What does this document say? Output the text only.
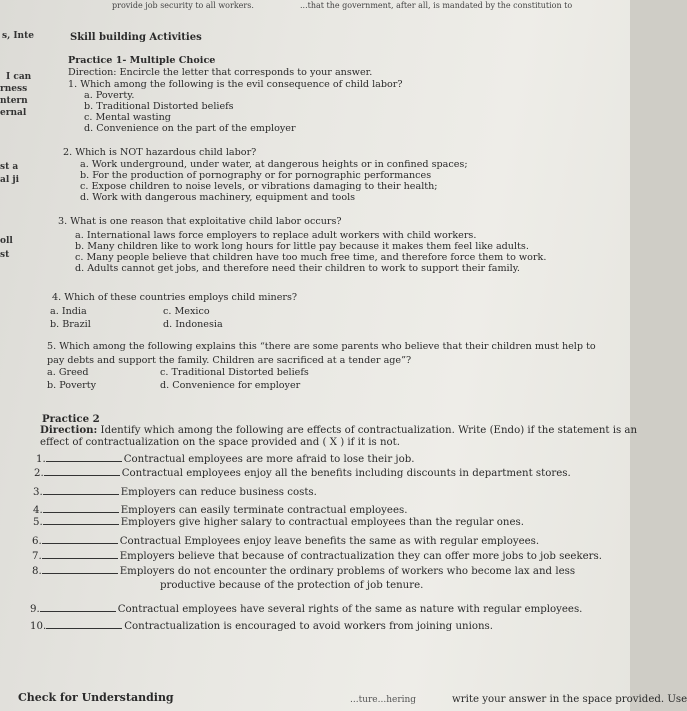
provide job security to all workers.	...that the government, after all, is mandated by the constitution to
s, Inte
I can
rness
ntern
ernal
st a
al ji
oll
st
Skill building Activities
Practice 1- Multiple Choice
Direction: Encircle the letter that corresponds to your answer.
1. Which among the following is the evil consequence of child labor?
a. Poverty.
b. Traditional Distorted beliefs
c. Mental wasting
d. Convenience on the part of the employer
2. Which is NOT hazardous child labor?
a. Work underground, under water, at dangerous heights or in confined spaces;
b. For the production of pornography or for pornographic performances
c. Expose children to noise levels, or vibrations damaging to their health;
d. Work with dangerous machinery, equipment and tools
3. What is one reason that exploitative child labor occurs?
a. International laws force employers to replace adult workers with child workers.
b. Many children like to work long hours for little pay because it makes them feel like adults.
c. Many people believe that children have too much free time, and therefore force them to work.
d. Adults cannot get jobs, and therefore need their children to work to support their family.
4. Which of these countries employs child miners?
a. India	c. Mexico
b. Brazil	d. Indonesia
5. Which among the following explains this “there are some parents who believe that their children must help to
pay debts and support the family. Children are sacrificed at a tender age”?
a. Greed	c. Traditional Distorted beliefs
b. Poverty	d. Convenience for employer
Practice 2
Direction: Identify which among the following are effects of contractualization. Write (Endo) if the statement is an
effect of contractualization on the space provided and ( X ) if it is not.
1.	Contractual employees are more afraid to lose their job.
2.	Contractual employees enjoy all the benefits including discounts in department stores.
3.	Employers can reduce business costs.
4.	Employers can easily terminate contractual employees.
5.	Employers give higher salary to contractual employees than the regular ones.
6.	Contractual Employees enjoy leave benefits the same as with regular employees.
7.	Employers believe that because of contractualization they can offer more jobs to job seekers.
8.	Employers do not encounter the ordinary problems of workers who become lax and less
productive because of the protection of job tenure.
9.	Contractual employees have several rights of the same as nature with regular employees.
10.	Contractualization is encouraged to avoid workers from joining unions.
Check for Understanding	...ture...hering	write your answer in the space provided. Use
